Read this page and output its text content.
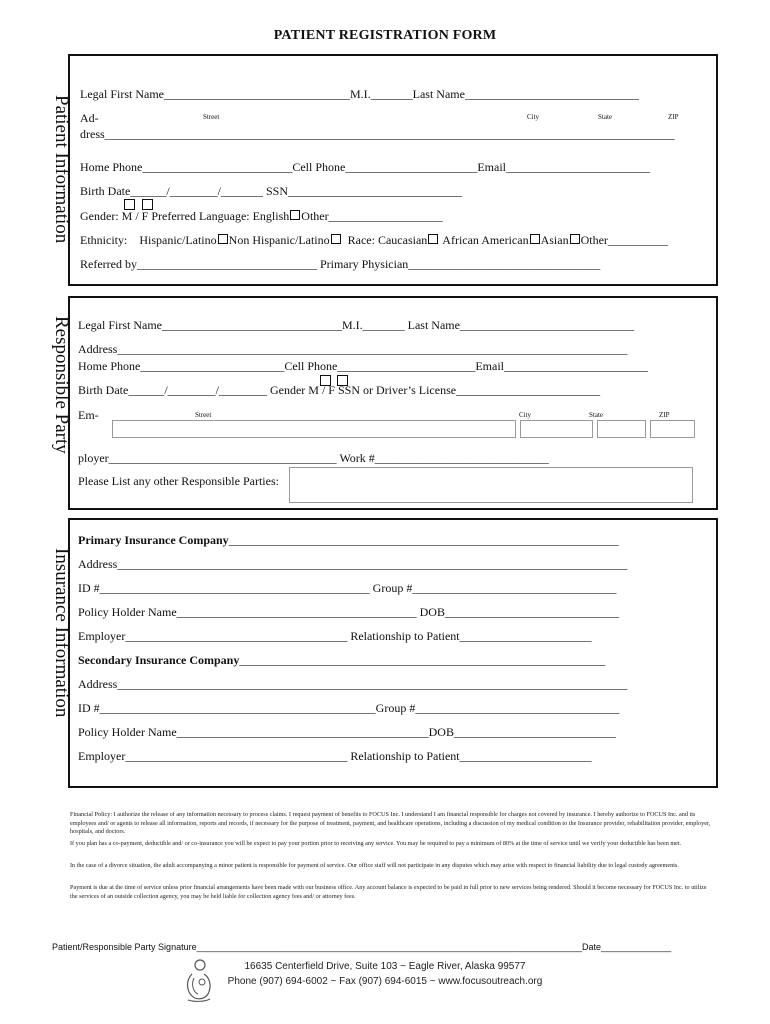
PATIENT REGISTRATION FORM
Patient Information
Legal First Name_______________________________M.I._______Last Name_____________________________
Street	City	State	ZIP
Ad-
dress_______________________________________________________________________________________________
Home Phone_________________________Cell Phone______________________Email________________________
Birth Date______/________/_______ SSN_____________________________
Gender: M / F Preferred Language: English Other___________________
Ethnicity: Hispanic/Latino Non Hispanic/Latino Race: Caucasian African American Asian Other__________
Referred by______________________________ Primary Physician________________________________
Responsible Party Legal First Name______________________________M.I._______ Last Name_____________________________
Address_____________________________________________________________________________________
Home Phone________________________Cell Phone_______________________Email________________________
Birth Date______/________/________ Gender M / F SSN or Driver’s License________________________
Em-	Street	City	State	ZIP
ployer______________________________________ Work #_____________________________
Please List any other Responsible Parties:
Insurance Information
Primary Insurance Company_________________________________________________________________
Address_____________________________________________________________________________________
ID #_____________________________________________ Group #__________________________________
Policy Holder Name________________________________________ DOB_____________________________
Employer_____________________________________ Relationship to Patient______________________
Secondary Insurance Company_____________________________________________________________
Address_____________________________________________________________________________________
ID #______________________________________________Group #__________________________________
Policy Holder Name__________________________________________DOB___________________________
Employer_____________________________________ Relationship to Patient______________________
Financial Policy: I authorize the release of any information necessary to process claims. I request payment of benefits to FOCUS Inc. I understand I am financial responsible for charges not covered by insurance. I hereby authorize to FOCUS Inc. and its employees and/ or agents to release all information, reports and records, if necessary for the purpose of treatment, payment, and healthcare operations, including a discussion of my medical condition to the Insurance provider, rehabilitation provider, employer, hospitals, and doctors.
If you plan has a co-payment, deductible and/ or co-insurance you will be expect to pay your portion prior to receiving any service. You may be required to pay a minimum of 80% at the time of service until we verify your deductible has been met.
In the case of a divorce situation, the adult accompanying a minor patient is responsible for payment of service. Our office staff will not participate in any disputes which may arise with respect to financial liability due to legal custody agreements.
Payment is due at the time of service unless prior financial arrangements have been made with our business office. Any account balance is expected to be paid in full prior to new services being rendered. Should it become necessary for FOCUS Inc. to utilize the services of an outside collection agency, you may be held liable for collection agency fees and/ or attorney fees.
Patient/Responsible Party Signature_____________________________________________________________________________Date______________
16635 Centerfield Drive, Suite 103 ~ Eagle River, Alaska 99577
Phone (907) 694-6002 ~ Fax (907) 694-6015 ~ www.focusoutreach.org
